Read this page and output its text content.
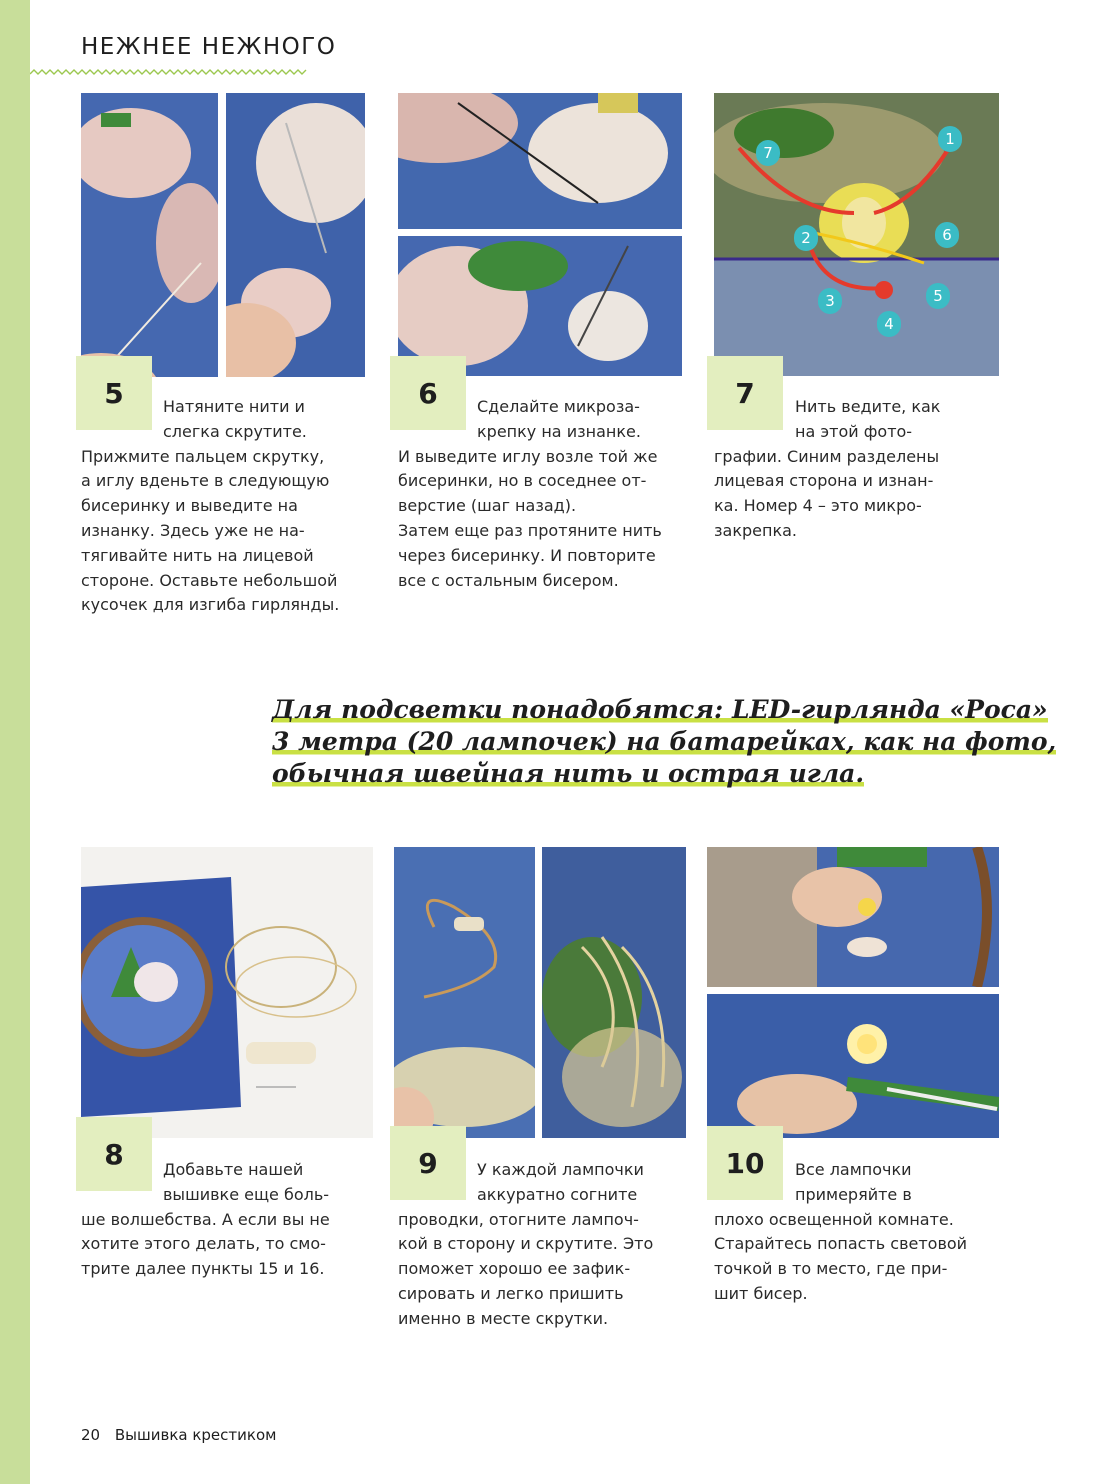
НЕЖНЕЕ НЕЖНОГО
1
2
3
4
5
6
7
5	6	7
Натяните нити и
слегка скрутите.
Прижмите пальцем скрутку,
а иглу вденьте в следующую
бисеринку и выведите на
изнанку. Здесь уже не на-
тягивайте нить на лицевой
стороне. Оставьте небольшой
кусочек для изгиба гирлянды.
Сделайте микроза-
крепку на изнанке.
И выведите иглу возле той же
бисеринки, но в соседнее от-
верстие (шаг назад).
Затем еще раз протяните нить
через бисеринку. И повторите
все с остальным бисером.
Нить ведите, как
на этой фото-
графии. Синим разделены
лицевая сторона и изнан-
ка. Номер 4 – это микро-
закрепка.
Для подсветки понадобятся: LED-гирлянда «Роса»
3 метра (20 лампочек) на батарейках, как на фото,
обычная швейная нить и острая игла.
8	9	10
Добавьте нашей
вышивке еще боль-
ше волшебства. А если вы не
хотите этого делать, то смо-
трите далее пункты 15 и 16.
У каждой лампочки
аккуратно согните
проводки, отогните лампоч-
кой в сторону и скрутите. Это
поможет хорошо ее зафик-
сировать и легко пришить
именно в месте скрутки.
Все лампочки
примеряйте в
плохо освещенной комнате.
Старайтесь попасть световой
точкой в то место, где при-
шит бисер.
20 Вышивка крестиком
